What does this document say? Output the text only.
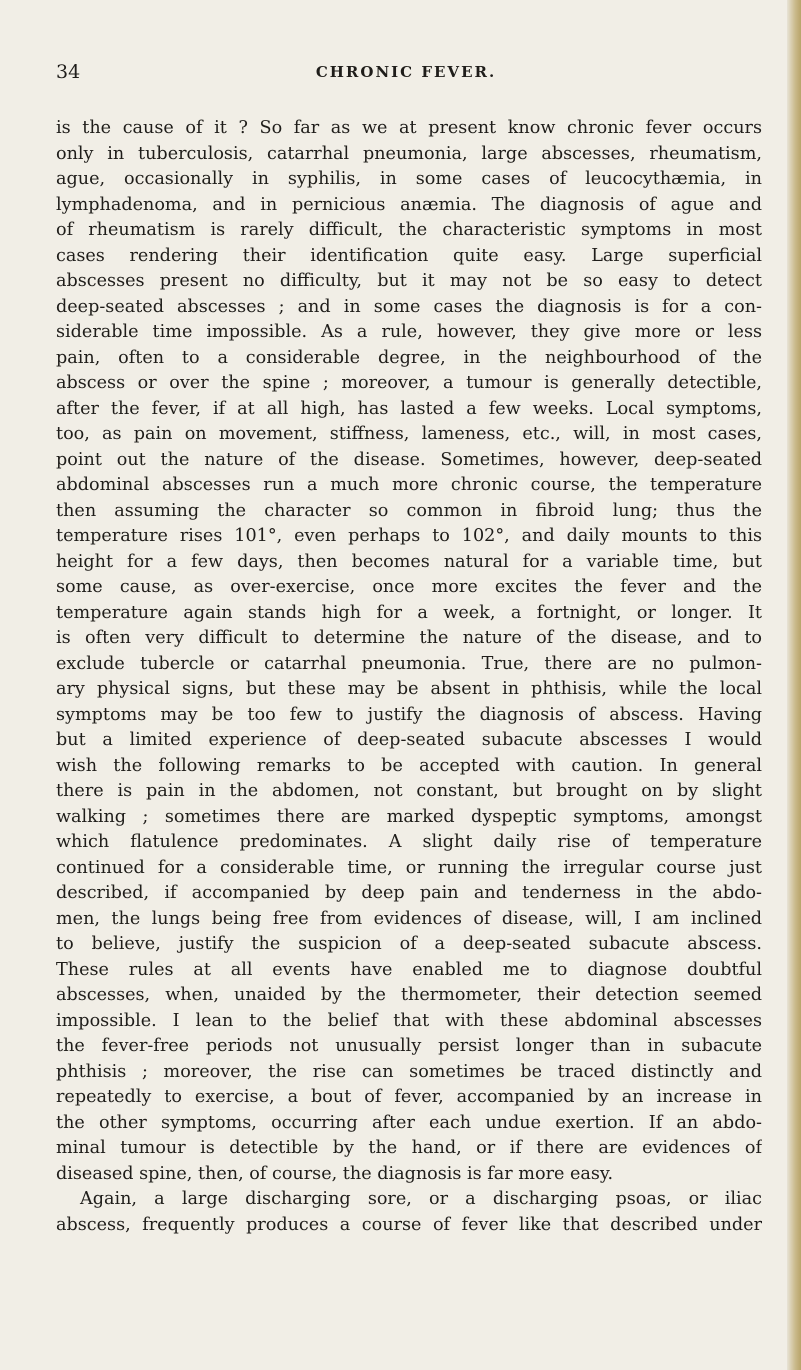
34	CHRONIC FEVER.
is the cause of it ? So far as we at present know chronic fever occurs
only in tuberculosis, catarrhal pneumonia, large abscesses, rheumatism,
ague, occasionally in syphilis, in some cases of leucocythæmia, in
lymphadenoma, and in pernicious anæmia. The diagnosis of ague and
of rheumatism is rarely difficult, the characteristic symptoms in most
cases rendering their identification quite easy. Large superficial
abscesses present no difficulty, but it may not be so easy to detect
deep-seated abscesses ; and in some cases the diagnosis is for a con-
siderable time impossible. As a rule, however, they give more or less
pain, often to a considerable degree, in the neighbourhood of the
abscess or over the spine ; moreover, a tumour is generally detectible,
after the fever, if at all high, has lasted a few weeks. Local symptoms,
too, as pain on movement, stiffness, lameness, etc., will, in most cases,
point out the nature of the disease. Sometimes, however, deep-seated
abdominal abscesses run a much more chronic course, the temperature
then assuming the character so common in fibroid lung; thus the
temperature rises 101°, even perhaps to 102°, and daily mounts to this
height for a few days, then becomes natural for a variable time, but
some cause, as over-exercise, once more excites the fever and the
temperature again stands high for a week, a fortnight, or longer. It
is often very difficult to determine the nature of the disease, and to
exclude tubercle or catarrhal pneumonia. True, there are no pulmon-
ary physical signs, but these may be absent in phthisis, while the local
symptoms may be too few to justify the diagnosis of abscess. Having
but a limited experience of deep-seated subacute abscesses I would
wish the following remarks to be accepted with caution. In general
there is pain in the abdomen, not constant, but brought on by slight
walking ; sometimes there are marked dyspeptic symptoms, amongst
which flatulence predominates. A slight daily rise of temperature
continued for a considerable time, or running the irregular course just
described, if accompanied by deep pain and tenderness in the abdo-
men, the lungs being free from evidences of disease, will, I am inclined
to believe, justify the suspicion of a deep-seated subacute abscess.
These rules at all events have enabled me to diagnose doubtful
abscesses, when, unaided by the thermometer, their detection seemed
impossible. I lean to the belief that with these abdominal abscesses
the fever-free periods not unusually persist longer than in subacute
phthisis ; moreover, the rise can sometimes be traced distinctly and
repeatedly to exercise, a bout of fever, accompanied by an increase in
the other symptoms, occurring after each undue exertion. If an abdo-
minal tumour is detectible by the hand, or if there are evidences of
diseased spine, then, of course, the diagnosis is far more easy.
Again, a large discharging sore, or a discharging psoas, or iliac
abscess, frequently produces a course of fever like that described under
